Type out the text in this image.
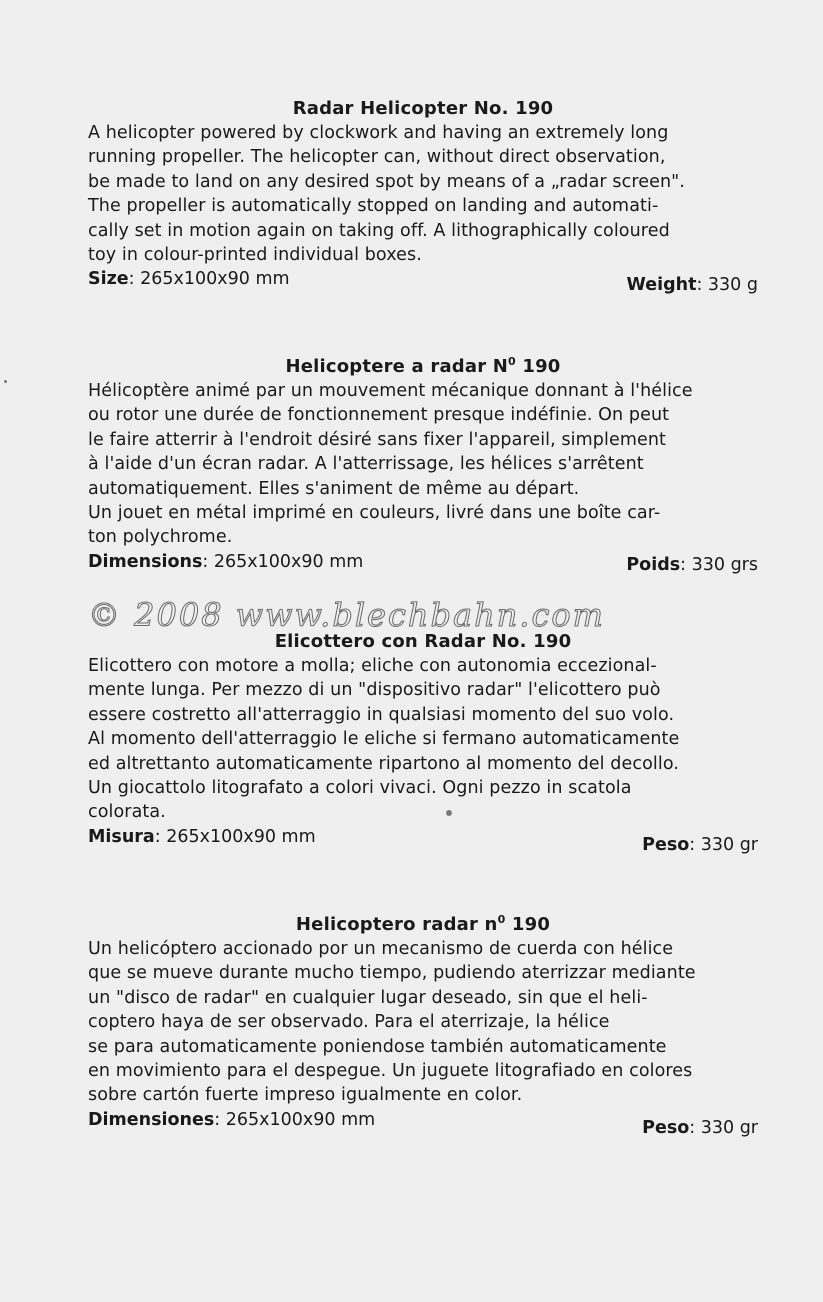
Radar Helicopter No. 190

A helicopter powered by clockwork and having an extremely long
running propeller. The helicopter can, without direct observation,
be made to land on any desired spot by means of a „radar screen".
The propeller is automatically stopped on landing and automati-
cally set in motion again on taking off. A lithographically coloured
toy in colour-printed individual boxes.

Size: 265x100x90 mm	Weight: 330 g
Helicoptere a radar $N^0$ 190

Hélicoptère animé par un mouvement mécanique donnant à l'hélice
ou rotor une durée de fonctionnement presque indéfinie. On peut
le faire atterrir à l'endroit désiré sans fixer l'appareil, simplement
à l'aide d'un écran radar. A l'atterrissage, les hélices s'arrêtent
automatiquement. Elles s'animent de même au départ.
Un jouet en métal imprimé en couleurs, livré dans une boîte car-
ton polychrome.

Dimensions: 265x100x90 mm	Poids: 330 grs
© 2008 www.blechbahn.com
Elicottero con Radar No. 190

Elicottero con motore a molla; eliche con autonomia eccezional-
mente lunga. Per mezzo di un "dispositivo radar" l'elicottero può
essere costretto all'atterraggio in qualsiasi momento del suo volo.
Al momento dell'atterraggio le eliche si fermano automaticamente
ed altrettanto automaticamente ripartono al momento del decollo.
Un giocattolo litografato a colori vivaci. Ogni pezzo in scatola
colorata.

Misura: 265x100x90 mm	Peso: 330 gr
Helicoptero radar $n^0$ 190

Un helicóptero accionado por un mecanismo de cuerda con hélice
que se mueve durante mucho tiempo, pudiendo aterrizzar mediante
un "disco de radar" en cualquier lugar deseado, sin que el heli-
coptero haya de ser observado. Para el aterrizaje, la hélice
se para automaticamente poniendose también automaticamente
en movimiento para el despegue. Un juguete litografiado en colores
sobre cartón fuerte impreso igualmente en color.

Dimensiones: 265x100x90 mm	Peso: 330 gr
